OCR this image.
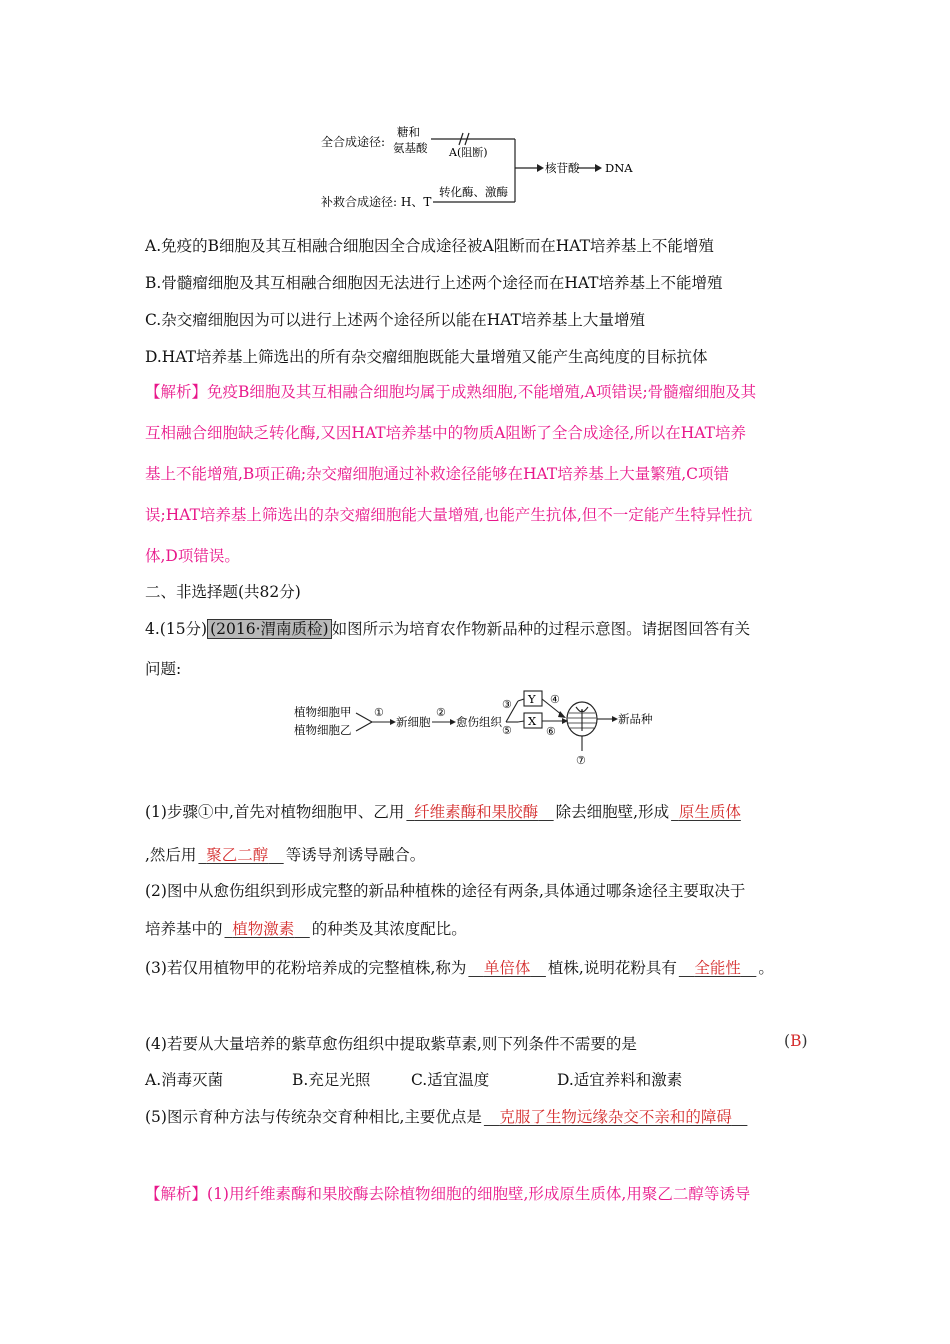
全合成途径:
糖和
氨基酸 A(阻断)
核苷酸 DNA
补救合成途径: H、T
转化酶、激酶
A.免疫的B细胞及其互相融合细胞因全合成途径被A阻断而在HAT培养基上不能增殖
B.骨髓瘤细胞及其互相融合细胞因无法进行上述两个途径而在HAT培养基上不能增殖
C.杂交瘤细胞因为可以进行上述两个途径所以能在HAT培养基上大量增殖
D.HAT培养基上筛选出的所有杂交瘤细胞既能大量增殖又能产生高纯度的目标抗体
【解析】免疫B细胞及其互相融合细胞均属于成熟细胞,不能增殖,A项错误;骨髓瘤细胞及其
互相融合细胞缺乏转化酶,又因HAT培养基中的物质A阻断了全合成途径,所以在HAT培养
基上不能增殖,B项正确;杂交瘤细胞通过补救途径能够在HAT培养基上大量繁殖,C项错
误;HAT培养基上筛选出的杂交瘤细胞能大量增殖,也能产生抗体,但不一定能产生特异性抗
体,D项错误。
二、非选择题(共82分)
4.(15分) (2016·渭南质检) 如图所示为培育农作物新品种的过程示意图。请据图回答有关
问题:
植物细胞甲
植物细胞乙
①
新细胞
②
愈伤组织
③ Y ④
⑤
X
⑥
⑦
新品种
(1)步骤①中,首先对植物细胞甲、乙用 纤维素酶和果胶酶 除去细胞壁,形成 原生质体
,然后用 聚乙二醇 等诱导剂诱导融合。
(2)图中从愈伤组织到形成完整的新品种植株的途径有两条,具体通过哪条途径主要取决于
培养基中的 植物激素 的种类及其浓度配比。
(3)若仅用植物甲的花粉培养成的完整植株,称为 单倍体 植株,说明花粉具有 全能性 。
(4)若要从大量培养的紫草愈伤组织中提取紫草素,则下列条件不需要的是	(B)
A.消毒灭菌	B.充足光照	C.适宜温度	D.适宜养料和激素
(5)图示育种方法与传统杂交育种相比,主要优点是 克服了生物远缘杂交不亲和的障碍
【解析】(1)用纤维素酶和果胶酶去除植物细胞的细胞壁,形成原生质体,用聚乙二醇等诱导
